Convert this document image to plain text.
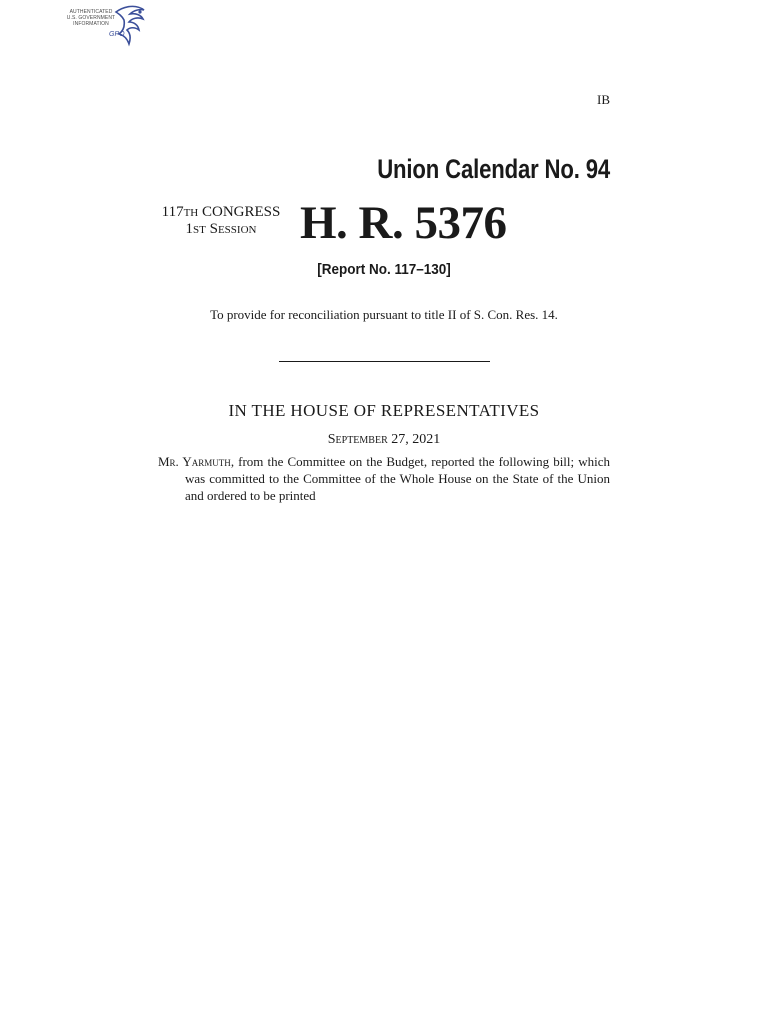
AUTHENTICATED
U.S. GOVERNMENT
INFORMATION
GPO
IB
Union Calendar No. 94
117th CONGRESS
1st Session H. R. 5376
[Report No. 117–130]
To provide for reconciliation pursuant to title II of S. Con. Res. 14.
IN THE HOUSE OF REPRESENTATIVES
September 27, 2021

Mr. Yarmuth, from the Committee on the Budget, reported the following bill; which was committed to the Committee of the Whole House on the State of the Union and ordered to be printed
